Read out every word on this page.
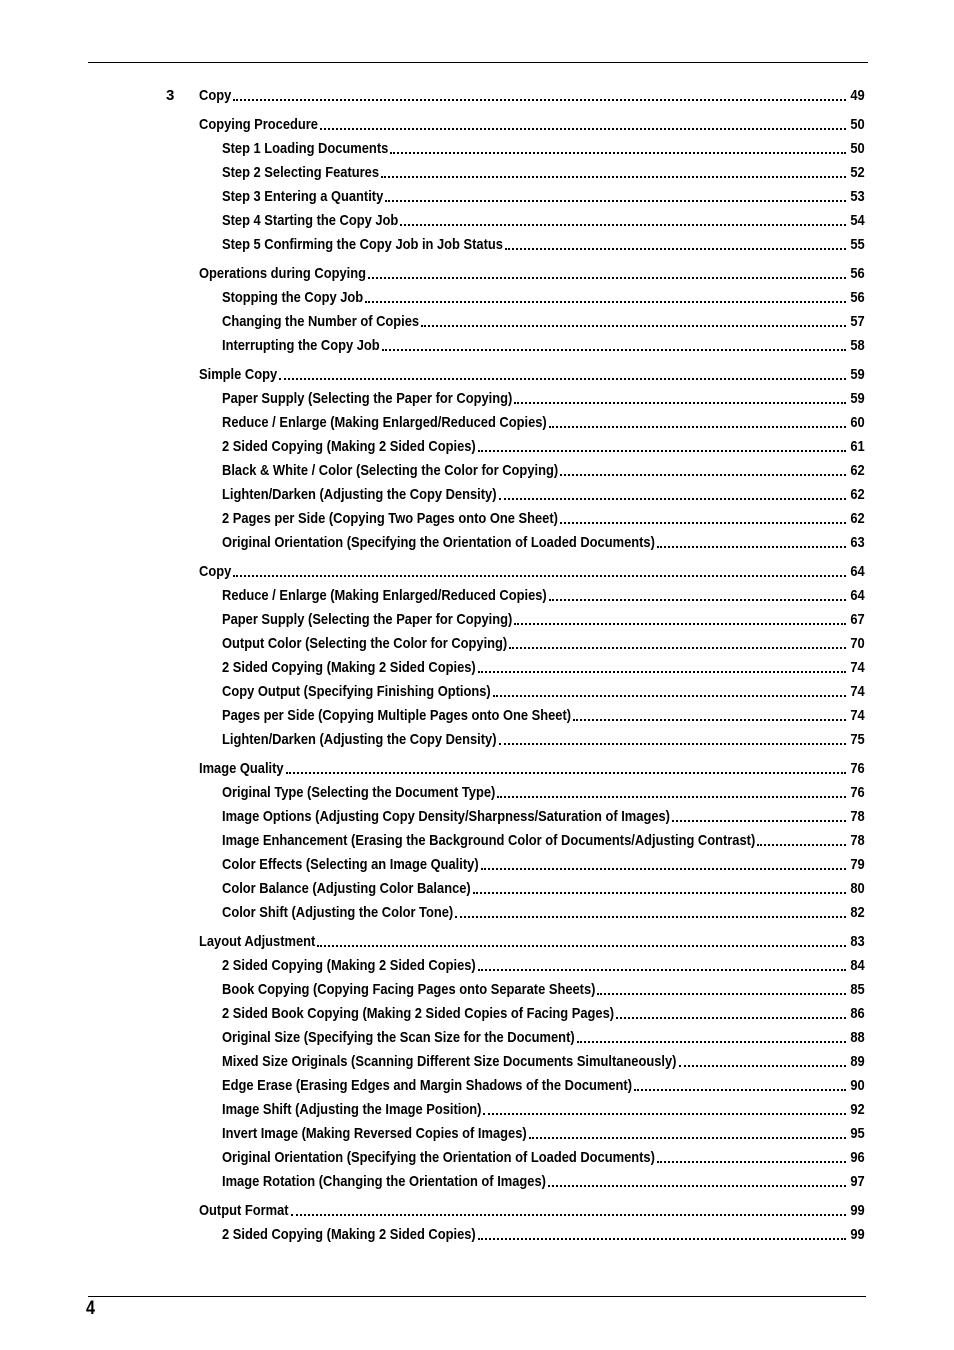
3 Copy	49
Copying Procedure	50
Step 1 Loading Documents	50
Step 2 Selecting Features	52
Step 3 Entering a Quantity	53
Step 4 Starting the Copy Job	54
Step 5 Confirming the Copy Job in Job Status	55
Operations during Copying	56
Stopping the Copy Job	56
Changing the Number of Copies	57
Interrupting the Copy Job	58
Simple Copy	59
Paper Supply (Selecting the Paper for Copying)	59
Reduce / Enlarge (Making Enlarged/Reduced Copies)	60
2 Sided Copying (Making 2 Sided Copies)	61
Black & White / Color (Selecting the Color for Copying)	62
Lighten/Darken (Adjusting the Copy Density)	62
2 Pages per Side (Copying Two Pages onto One Sheet)	62
Original Orientation (Specifying the Orientation of Loaded Documents)	63
Copy	64
Reduce / Enlarge (Making Enlarged/Reduced Copies)	64
Paper Supply (Selecting the Paper for Copying)	67
Output Color (Selecting the Color for Copying)	70
2 Sided Copying (Making 2 Sided Copies)	74
Copy Output (Specifying Finishing Options)	74
Pages per Side (Copying Multiple Pages onto One Sheet)	74
Lighten/Darken (Adjusting the Copy Density)	75
Image Quality	76
Original Type (Selecting the Document Type)	76
Image Options (Adjusting Copy Density/Sharpness/Saturation of Images)	78
Image Enhancement (Erasing the Background Color of Documents/Adjusting Contrast)	78
Color Effects (Selecting an Image Quality)	79
Color Balance (Adjusting Color Balance)	80
Color Shift (Adjusting the Color Tone)	82
Layout Adjustment	83
2 Sided Copying (Making 2 Sided Copies)	84
Book Copying (Copying Facing Pages onto Separate Sheets)	85
2 Sided Book Copying (Making 2 Sided Copies of Facing Pages)	86
Original Size (Specifying the Scan Size for the Document)	88
Mixed Size Originals (Scanning Different Size Documents Simultaneously)	89
Edge Erase (Erasing Edges and Margin Shadows of the Document)	90
Image Shift (Adjusting the Image Position)	92
Invert Image (Making Reversed Copies of Images)	95
Original Orientation (Specifying the Orientation of Loaded Documents)	96
Image Rotation (Changing the Orientation of Images)	97
Output Format	99
2 Sided Copying (Making 2 Sided Copies)	99
4
